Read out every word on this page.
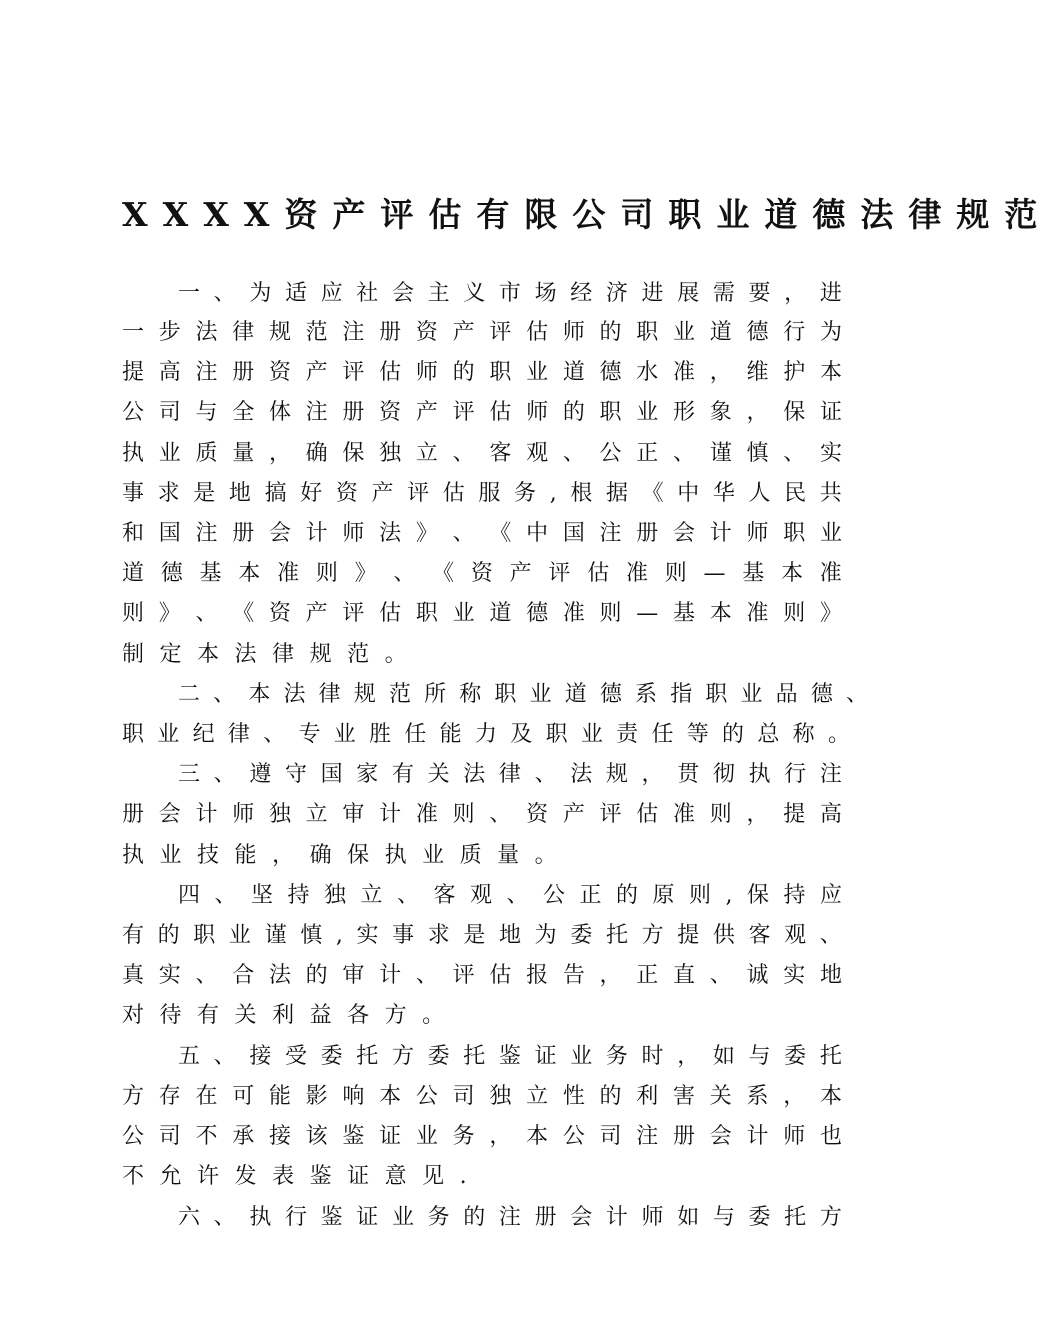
XXXX资产评估有限公司职业道德法律规范
一 、 为 适 应 社 会 主 义 市 场 经 济 进 展 需 要 ， 进
一 步 法 律 规 范 注 册 资 产 评 估 师 的 职 业 道 德 行 为
提 高 注 册 资 产 评 估 师 的 职 业 道 德 水 准 ， 维 护 本
公 司 与 全 体 注 册 资 产 评 估 师 的 职 业 形 象 ， 保 证
执 业 质 量 ， 确 保 独 立 、 客 观 、 公 正 、 谨 慎 、 实
事 求 是 地 搞 好 资 产 评 估 服 务 , 根 据 《 中 华 人 民 共
和 国 注 册 会 计 师 法 》 、 《 中 国 注 册 会 计 师 职 业
道 德 基 本 准 则 》 、 《 资 产 评 估 准 则 — 基 本 准
则 》 、 《 资 产 评 估 职 业 道 德 准 则 — 基 本 准 则 》
制 定 本 法 律 规 范 。
二 、 本 法 律 规 范 所 称 职 业 道 德 系 指 职 业 品 德 、
职 业 纪 律 、 专 业 胜 任 能 力 及 职 业 责 任 等 的 总 称 。
三 、 遵 守 国 家 有 关 法 律 、 法 规 ， 贯 彻 执 行 注
册 会 计 师 独 立 审 计 准 则 、 资 产 评 估 准 则 ， 提 高
执 业 技 能 ， 确 保 执 业 质 量 。
四 、 坚 持 独 立 、 客 观 、 公 正 的 原 则 , 保 持 应
有 的 职 业 谨 慎 , 实 事 求 是 地 为 委 托 方 提 供 客 观 、
真 实 、 合 法 的 审 计 、 评 估 报 告 ， 正 直 、 诚 实 地
对 待 有 关 利 益 各 方 。
五 、 接 受 委 托 方 委 托 鉴 证 业 务 时 ， 如 与 委 托
方 存 在 可 能 影 响 本 公 司 独 立 性 的 利 害 关 系 ， 本
公 司 不 承 接 该 鉴 证 业 务 ， 本 公 司 注 册 会 计 师 也
不 允 许 发 表 鉴 证 意 见 .
六 、 执 行 鉴 证 业 务 的 注 册 会 计 师 如 与 委 托 方
